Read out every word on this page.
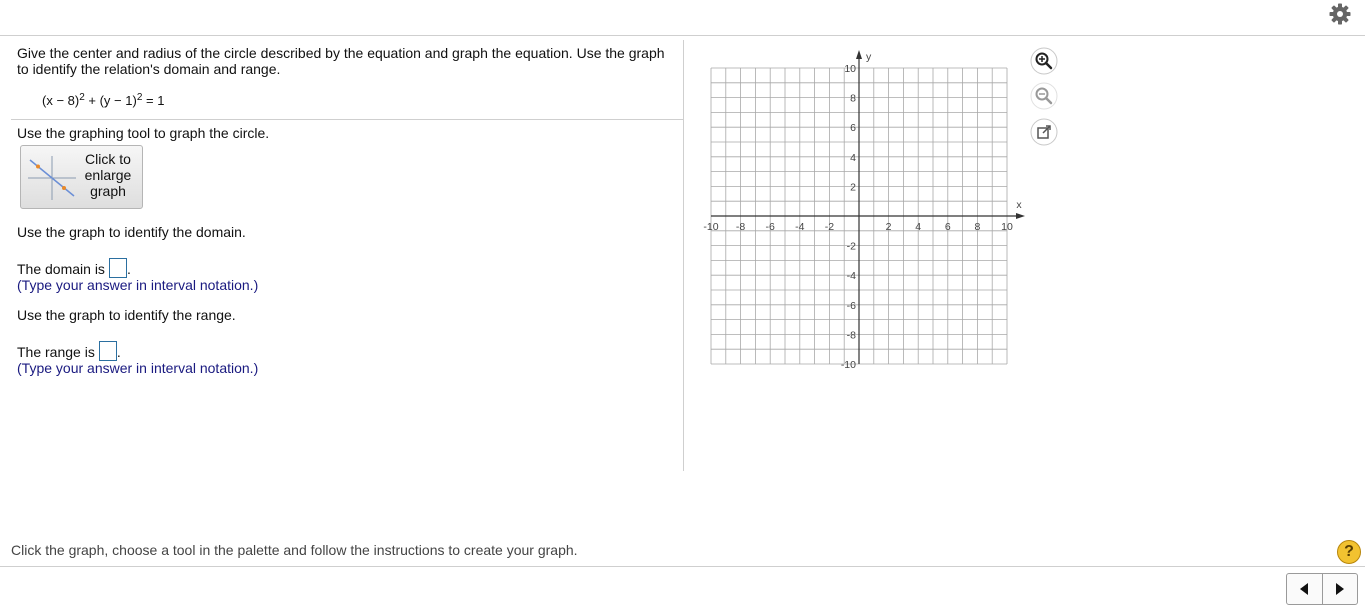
Give the center and radius of the circle described by the equation and graph the equation. Use the graph to identify the relation's domain and range.
$(x - 8)^2 + (y - 1)^2 = 1$
Use the graphing tool to graph the circle.
Click to
enlarge
graph
Use the graph to identify the domain.
The domain is .
(Type your answer in interval notation.)
Use the graph to identify the range.
The range is .
(Type your answer in interval notation.)
x
y
-10 -8 -6 -4 -2	2 4 6 8 10
10
8
6
4
2
-2
-4
-6
-8
-10
Click the graph, choose a tool in the palette and follow the instructions to create your graph.	?
